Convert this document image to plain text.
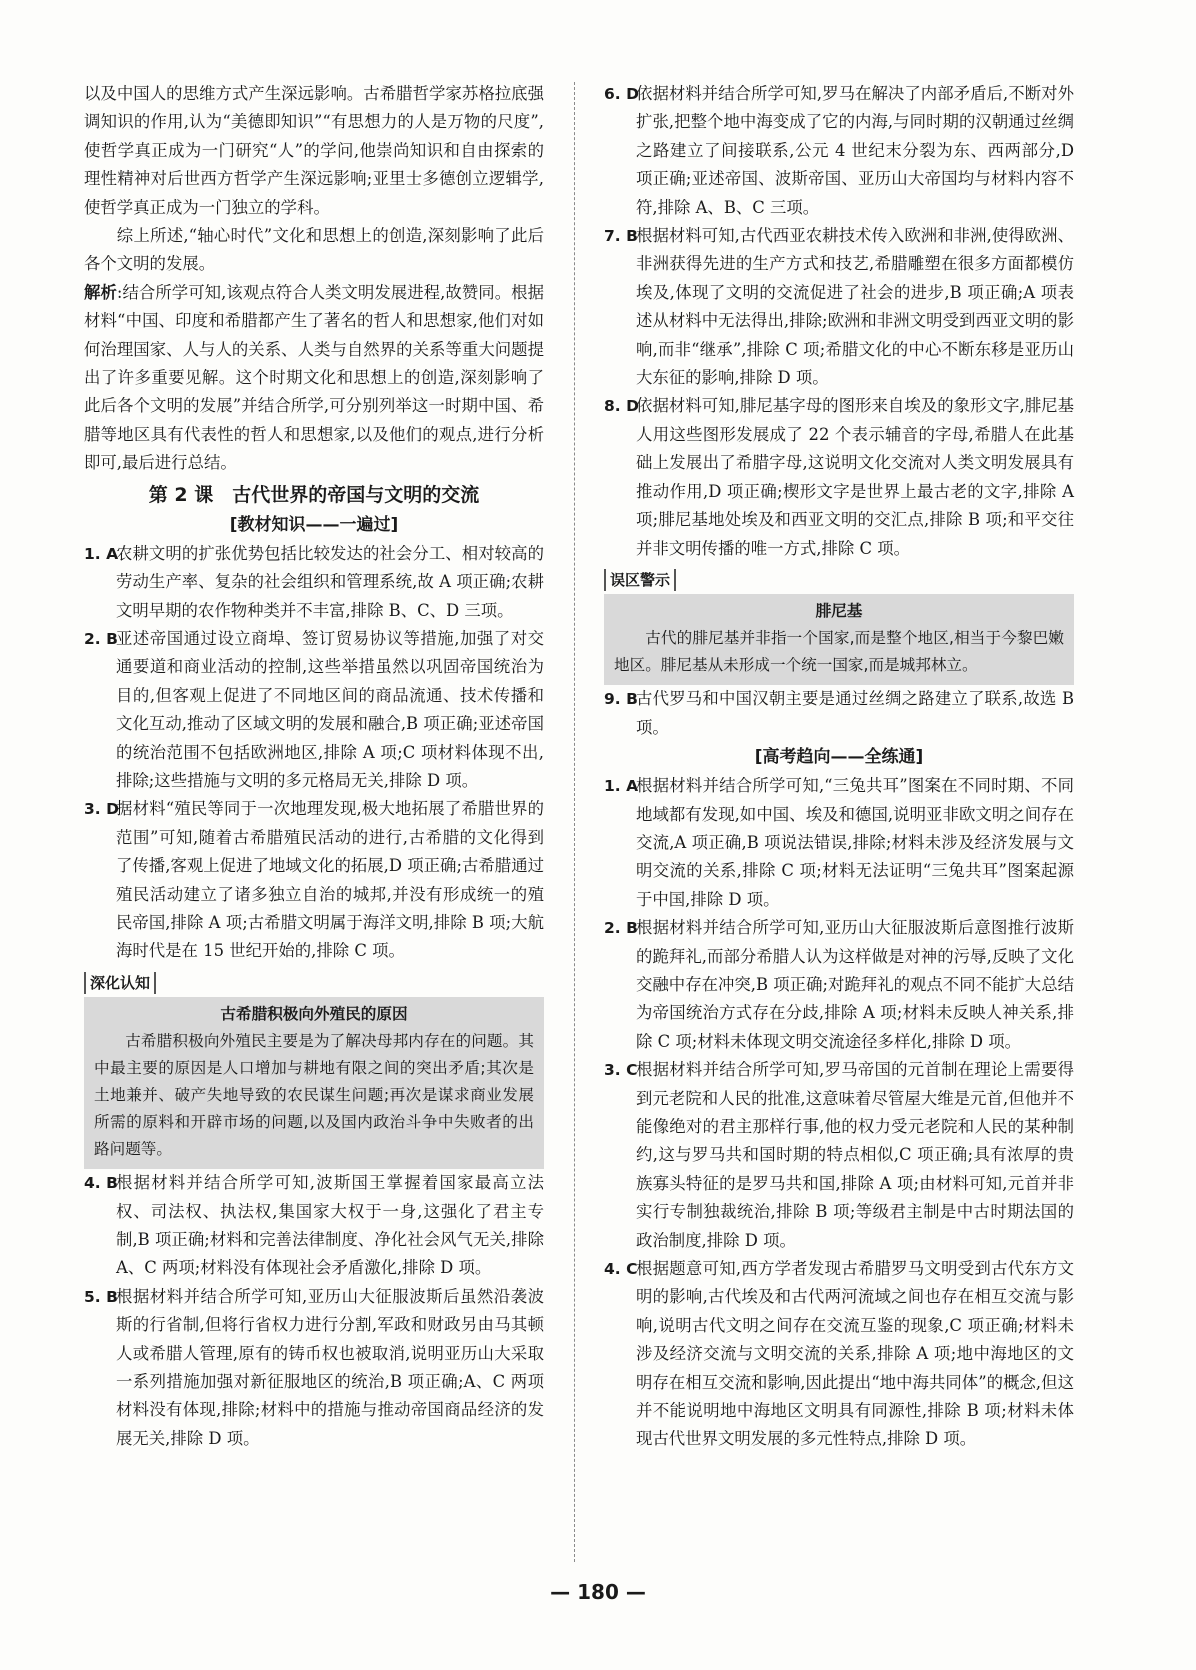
以及中国人的思维方式产生深远影响。古希腊哲学家苏格拉底强调知识的作用,认为“美德即知识”“有思想力的人是万物的尺度”,使哲学真正成为一门研究“人”的学问,他崇尚知识和自由探索的理性精神对后世西方哲学产生深远影响;亚里士多德创立逻辑学,使哲学真正成为一门独立的学科。

综上所述,“轴心时代”文化和思想上的创造,深刻影响了此后各个文明的发展。

解析:结合所学可知,该观点符合人类文明发展进程,故赞同。根据材料“中国、印度和希腊都产生了著名的哲人和思想家,他们对如何治理国家、人与人的关系、人类与自然界的关系等重大问题提出了许多重要见解。这个时期文化和思想上的创造,深刻影响了此后各个文明的发展”并结合所学,可分别列举这一时期中国、希腊等地区具有代表性的哲人和思想家,以及他们的观点,进行分析即可,最后进行总结。

第 2 课　古代世界的帝国与文明的交流
[教材知识——一遍过]
1. A
农耕文明的扩张优势包括比较发达的社会分工、相对较高的劳动生产率、复杂的社会组织和管理系统,故 A 项正确;农耕文明早期的农作物种类并不丰富,排除 B、C、D 三项。
2. B
亚述帝国通过设立商埠、签订贸易协议等措施,加强了对交通要道和商业活动的控制,这些举措虽然以巩固帝国统治为目的,但客观上促进了不同地区间的商品流通、技术传播和文化互动,推动了区域文明的发展和融合,B 项正确;亚述帝国的统治范围不包括欧洲地区,排除 A 项;C 项材料体现不出,排除;这些措施与文明的多元格局无关,排除 D 项。
3. D
据材料“殖民等同于一次地理发现,极大地拓展了希腊世界的范围”可知,随着古希腊殖民活动的进行,古希腊的文化得到了传播,客观上促进了地域文化的拓展,D 项正确;古希腊通过殖民活动建立了诸多独立自治的城邦,并没有形成统一的殖民帝国,排除 A 项;古希腊文明属于海洋文明,排除 B 项;大航海时代是在 15 世纪开始的,排除 C 项。
深化认知
古希腊积极向外殖民的原因
古希腊积极向外殖民主要是为了解决母邦内存在的问题。其中最主要的原因是人口增加与耕地有限之间的突出矛盾;其次是土地兼并、破产失地导致的农民谋生问题;再次是谋求商业发展所需的原料和开辟市场的问题,以及国内政治斗争中失败者的出路问题等。
4. B
根据材料并结合所学可知,波斯国王掌握着国家最高立法权、司法权、执法权,集国家大权于一身,这强化了君主专制,B 项正确;材料和完善法律制度、净化社会风气无关,排除 A、C 两项;材料没有体现社会矛盾激化,排除 D 项。
5. B
根据材料并结合所学可知,亚历山大征服波斯后虽然沿袭波斯的行省制,但将行省权力进行分割,军政和财政另由马其顿人或希腊人管理,原有的铸币权也被取消,说明亚历山大采取一系列措施加强对新征服地区的统治,B 项正确;A、C 两项材料没有体现,排除;材料中的措施与推动帝国商品经济的发展无关,排除 D 项。
6. D
依据材料并结合所学可知,罗马在解决了内部矛盾后,不断对外扩张,把整个地中海变成了它的内海,与同时期的汉朝通过丝绸之路建立了间接联系,公元 4 世纪末分裂为东、西两部分,D 项正确;亚述帝国、波斯帝国、亚历山大帝国均与材料内容不符,排除 A、B、C 三项。
7. B
根据材料可知,古代西亚农耕技术传入欧洲和非洲,使得欧洲、非洲获得先进的生产方式和技艺,希腊雕塑在很多方面都模仿埃及,体现了文明的交流促进了社会的进步,B 项正确;A 项表述从材料中无法得出,排除;欧洲和非洲文明受到西亚文明的影响,而非“继承”,排除 C 项;希腊文化的中心不断东移是亚历山大东征的影响,排除 D 项。
8. D
依据材料可知,腓尼基字母的图形来自埃及的象形文字,腓尼基人用这些图形发展成了 22 个表示辅音的字母,希腊人在此基础上发展出了希腊字母,这说明文化交流对人类文明发展具有推动作用,D 项正确;楔形文字是世界上最古老的文字,排除 A 项;腓尼基地处埃及和西亚文明的交汇点,排除 B 项;和平交往并非文明传播的唯一方式,排除 C 项。
误区警示
腓尼基
古代的腓尼基并非指一个国家,而是整个地区,相当于今黎巴嫩地区。腓尼基从未形成一个统一国家,而是城邦林立。
9. B
古代罗马和中国汉朝主要是通过丝绸之路建立了联系,故选 B 项。
[高考趋向——全练通]
1. A
根据材料并结合所学可知,“三兔共耳”图案在不同时期、不同地域都有发现,如中国、埃及和德国,说明亚非欧文明之间存在交流,A 项正确,B 项说法错误,排除;材料未涉及经济发展与文明交流的关系,排除 C 项;材料无法证明“三兔共耳”图案起源于中国,排除 D 项。
2. B
根据材料并结合所学可知,亚历山大征服波斯后意图推行波斯的跪拜礼,而部分希腊人认为这样做是对神的污辱,反映了文化交融中存在冲突,B 项正确;对跪拜礼的观点不同不能扩大总结为帝国统治方式存在分歧,排除 A 项;材料未反映人神关系,排除 C 项;材料未体现文明交流途径多样化,排除 D 项。
3. C
根据材料并结合所学可知,罗马帝国的元首制在理论上需要得到元老院和人民的批准,这意味着尽管屋大维是元首,但他并不能像绝对的君主那样行事,他的权力受元老院和人民的某种制约,这与罗马共和国时期的特点相似,C 项正确;具有浓厚的贵族寡头特征的是罗马共和国,排除 A 项;由材料可知,元首并非实行专制独裁统治,排除 B 项;等级君主制是中古时期法国的政治制度,排除 D 项。
4. C
根据题意可知,西方学者发现古希腊罗马文明受到古代东方文明的影响,古代埃及和古代两河流域之间也存在相互交流与影响,说明古代文明之间存在交流互鉴的现象,C 项正确;材料未涉及经济交流与文明交流的关系,排除 A 项;地中海地区的文明存在相互交流和影响,因此提出“地中海共同体”的概念,但这并不能说明地中海地区文明具有同源性,排除 B 项;材料未体现古代世界文明发展的多元性特点,排除 D 项。
— 180 —
